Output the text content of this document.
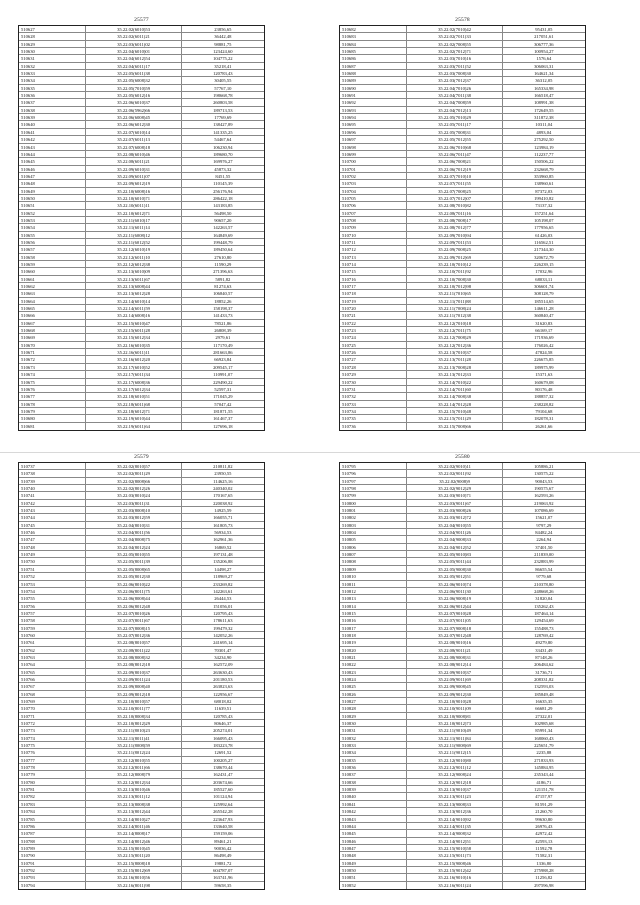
25577
510627	35.22.02(6010)53	23856,65
510628	35.22.02(6011)21	36442,48
510629	35.22.03(6011)02	98881,75
510630	35.22.04(6010)01	123424,60
510631	35.22.04(6012)54	104775,22
510632	35.22.04(6011)17	35218,41
510633	35.22.05(6011)38	120783,43
510634	35.22.05(6008)32	30405,55
510635	35.22.05(7010)59	57767,10
510636	35.22.05(6012)16	198668,78
510637	35.22.06(6010)37	260803,58
510638	35.22.06(5962)66	189713,53
510639	35.22.06(6008)45	17769,69
510640	35.22.06(6012)30	138427,89
510641	35.22.07(6010)14	141335,25
510642	35.22.07(6011)13	54467,64
510643	35.22.07(6008)18	106230,94
510644	35.22.08(6010)46	189680,70
510645	35.22.08(6011)21	169976,27
510646	35.22.09(6010)31	45873,32
510647	35.22.09(6011)07	8451,55
510648	35.22.09(6012)19	110145,39
510649	35.22.10(6008)16	256176,94
510650	35.22.10(6010)71	286422,18
510651	35.22.10(6011)11	143183,85
510652	35.22.10(6012)71	56498,50
510653	35.22.11(6010)17	90657,20
510654	35.22.11(6011)14	142263,57
510655	35.22.11(6008)12	164849,69
510656	35.22.11(6012)52	199448,79
510657	35.22.12(6010)19	189450,64
510658	35.22.12(6011)10	27610,80
510659	35.22.12(6012)38	11590,29
510660	35.22.13(6010)09	271396,63
510661	35.22.13(6011)67	5891,82
510662	35.22.13(6008)44	81274,63
510663	35.22.13(6012)28	106840,57
510664	35.22.14(6010)14	18852,26
510665	35.22.14(6011)59	158198,37
510666	35.22.14(6008)16	141433,73
510667	35.22.15(6010)47	78521,86
510668	35.22.15(6011)28	26808,39
510669	35.22.15(6012)34	2979,61
510670	35.22.16(6010)35	117170,49
510671	35.22.16(6011)11	281663,86
510672	35.22.16(6012)20	66923,84
510673	35.22.17(6010)52	209545,17
510674	35.22.17(6011)34	110991,07
510675	35.22.17(6008)36	229490,22
510676	35.22.17(6012)34	52597,31
510677	35.22.18(6010)51	171045,29
510678	35.22.18(6011)68	57047,42
510679	35.22.18(6012)71	181871,55
510680	35.22.19(6010)44	161467,37
510681	35.22.19(6011)64	127696,18
25578
510682	35.22.02(7010)42	95431,05
510683	35.22.02(7011)33	217051,61
510684	35.22.02(7008)55	306777,36
510685	35.22.02(7012)71	100954,27
510686	35.22.03(7010)16	1576,64
510687	35.22.03(7011)52	306063,31
510688	35.22.03(7008)30	164621,34
510689	35.22.03(7012)37	36312,05
510690	35.22.04(7010)26	165334,98
510691	35.22.04(7011)38	166518,47
510692	35.22.04(7008)59	108991,38
510693	35.22.04(7012)13	172649,55
510694	35.22.05(7010)29	311872,38
510695	35.22.05(7011)17	10311,04
510696	35.22.05(7008)31	4893,04
510697	35.22.05(7012)55	275292,50
510698	35.22.06(7010)68	123984,19
510699	35.22.06(7011)47	112237,77
510700	35.22.06(7008)21	150506,22
510701	35.22.06(7012)19	232668,79
510702	35.22.07(7010)10	353960,85
510703	35.22.07(7011)55	138960,61
510704	35.22.07(7008)25	87372,03
510705	35.22.07(7012)07	199410,82
510706	35.22.08(7010)82	73137,32
510707	35.22.08(7011)16	157251,64
510708	35.22.08(7008)17	105198,07
510709	35.22.08(7012)77	177956,65
510710	35.22.09(7010)94	61426,03
510711	35.22.09(7011)53	116562,51
510712	35.22.09(7008)25	217344,30
510713	35.22.09(7012)69	320672,79
510714	35.22.10(7010)12	226239,15
510715	35.22.10(7011)92	17032,96
510716	35.22.10(7008)30	68033,11
510717	35.22.10(7012)98	306601,74
510718	35.22.11(7010)65	308128,79
510719	35.22.11(7011)88	185514,65
510720	35.22.11(7008)24	146611,28
510721	35.22.11(7012)38	360840,47
510722	35.22.12(7010)18	31620,83
510723	35.22.12(7011)75	66169,17
510724	35.22.12(7008)29	171936,69
510725	35.22.12(7012)36	176026,42
510726	35.22.13(7010)37	47824,58
510727	35.22.13(7011)28	226675,85
510728	35.22.13(7008)28	189975,99
510729	35.22.13(7012)33	15371,63
510730	35.22.14(7010)22	160679,08
510731	35.22.14(7011)60	80176,48
510732	35.22.14(7008)38	188857,32
510733	35.22.14(7012)28	238228,82
510734	35.22.15(7010)48	79104,68
510735	35.22.15(7011)29	182078,31
510736	35.22.15(7008)66	26261,66
25579
510737	35.22.02(8010)57	210811,82
510738	35.22.02(8011)29	23950,55
510739	35.22.02(8008)66	114625,16
510740	35.22.02(8012)26	240340,02
510741	35.22.03(8010)24	170167,65
510742	35.22.03(8011)31	220038,92
510743	35.22.03(8008)10	14925,59
510744	35.22.03(8012)59	166055,71
510745	35.22.04(8010)31	161805,73
510746	35.22.04(8011)56	56934,53
510747	35.22.04(8008)75	162961,36
510748	35.22.04(8012)24	16869,52
510749	35.22.05(8010)55	197131,48
510750	35.22.05(8011)39	135206,88
510751	35.22.05(8008)65	14498,27
510752	35.22.05(8012)30	118969,27
510753	35.22.06(8010)22	233269,82
510754	35.22.06(8011)75	142263,61
510755	35.22.06(8008)44	26444,53
510756	35.22.06(8012)48	151056,01
510757	35.22.07(8010)26	120795,43
510758	35.22.07(8011)67	178611,63
510759	35.22.07(8008)15	199479,32
510760	35.22.07(8012)36	142052,26
510761	35.22.08(8010)57	241695,14
510762	35.22.08(8011)22	70301,47
510763	35.22.08(8008)32	34234,90
510764	35.22.08(8012)18	162572,09
510765	35.22.09(8010)37	263630,43
510766	35.22.09(8011)24	201180,53
510767	35.22.09(8008)40	263823,63
510768	35.22.09(8012)18	122956,67
510769	35.22.10(8010)57	68018,02
510770	35.22.10(8011)77	11639,51
510771	35.22.10(8008)34	120785,43
510772	35.22.10(8012)29	80646,37
510773	35.22.11(8010)23	205274,01
510774	35.22.11(8011)41	166095,43
510775	35.22.11(8008)59	183223,78
510776	35.22.11(8012)24	12691,52
510777	35.22.12(8010)55	100205,27
510778	35.22.12(8011)66	138670,44
510779	35.22.12(8008)79	162431,47
510780	35.22.12(8012)34	203674,66
510781	35.22.13(8010)46	185527,60
510782	35.22.13(8011)12	101124,94
510783	35.22.13(8008)38	125992,64
510784	35.22.13(8012)44	265542,28
510785	35.22.14(8010)27	223647,93
510786	35.22.14(8011)46	133640,58
510787	35.22.14(8008)17	159159,06
510788	35.22.14(8012)46	89461,21
510789	35.22.15(8010)45	90036,42
510790	35.22.15(8011)20	86498,49
510791	35.22.15(8008)18	19881,72
510792	35.22.15(8012)69	604787,07
510793	35.22.16(8010)56	163741,96
510794	35.22.16(8011)98	59658,35
25580
510795	35.22.02(9010)11	105886,21
510796	35.22.02(9011)92	130575,22
510797	35.22.02(9008)9	90043,53
510798	35.22.02(9012)29	190575,67
510799	35.22.03(9010)71	162593,26
510800	35.22.03(9011)67	219063,92
510801	35.22.03(9008)26	107086,69
510802	35.22.03(9012)72	15621,07
510803	35.22.04(9010)55	9797,29
510804	35.22.04(9011)26	84482,24
510805	35.22.04(9008)33	2264,94
510806	35.22.04(9012)52	37401,50
510807	35.22.05(9010)83	211839,00
510808	35.22.05(9011)44	232883,99
510809	35.22.05(9008)30	86655,54
510810	35.22.05(9012)51	9779,68
510811	35.22.06(9010)74	210378,80
510812	35.22.06(9011)30	248668,26
510813	35.22.06(9008)19	31820,04
510814	35.22.06(9012)44	135262,43
510815	35.22.07(9010)28	187464,14
510816	35.22.07(9011)05	129454,69
510817	35.22.07(9008)18	155488,73
510818	35.22.07(9012)48	128769,42
510819	35.22.08(9010)16	49279,80
510820	35.22.08(9011)21	33431,49
510821	35.22.08(9008)31	87148,26
510822	35.22.08(9012)14	206484,62
510823	35.22.09(9010)37	31736,71
510824	35.22.09(9011)69	208331,82
510825	35.22.09(9008)45	132593,03
510826	35.22.09(9012)30	185849,48
510827	35.22.10(9010)28	16635,35
510828	35.22.10(9011)09	66681,29
510829	35.22.10(9008)81	27322,01
510830	35.22.10(9012)73	102985,68
510831	35.22.11(9010)49	85991,34
510832	35.22.11(9011)84	168060,43
510833	35.22.11(9008)69	225651,79
510834	35.22.11(9012)15	2235,88
510835	35.22.12(9010)80	271833,93
510836	35.22.12(9011)12	145884,95
510837	35.22.12(9008)24	235343,44
510838	35.22.12(9012)18	4186,71
510839	35.22.13(9010)37	121151,78
510840	35.22.13(9011)23	47157,97
510841	35.22.13(9008)33	81591,29
510842	35.22.13(9012)36	21260,70
510843	35.22.14(9010)92	99630,80
510844	35.22.14(9011)35	26976,43
510845	35.22.14(9008)32	42972,42
510846	35.22.14(9012)51	42593,13
510847	35.22.15(9010)58	11592,78
510848	35.22.15(9011)73	71582,31
510849	35.22.15(9008)46	1336,80
510850	35.22.15(9012)42	275988,28
510851	35.22.16(9010)16	11256,82
510852	35.22.16(9011)24	297596,98
